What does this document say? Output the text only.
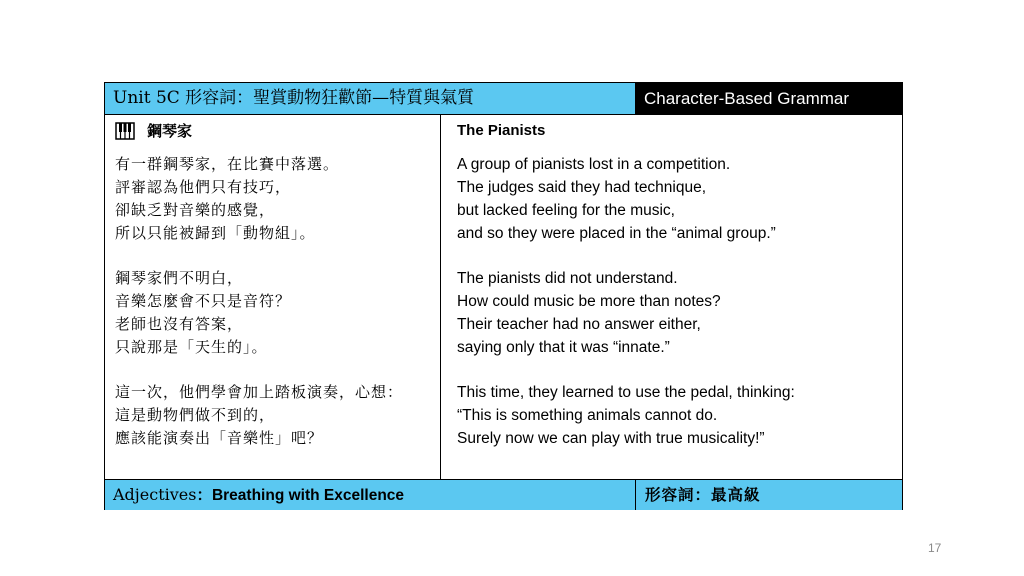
Unit 5C 形容詞：聖賞動物狂歡節—特質與氣質	Character-Based Grammar
鋼琴家
有一群鋼琴家，在比賽中落選。
評審認為他們只有技巧，
卻缺乏對音樂的感覺，
所以只能被歸到「動物組」。
鋼琴家們不明白，
音樂怎麼會不只是音符？
老師也沒有答案，
只說那是「天生的」。
這一次，他們學會加上踏板演奏，心想：
這是動物們做不到的，
應該能演奏出「音樂性」吧？
The Pianists
A group of pianists lost in a competition.
The judges said they had technique,
but lacked feeling for the music,
and so they were placed in the “animal group.”
The pianists did not understand.
How could music be more than notes?
Their teacher had no answer either,
saying only that it was “innate.”
This time, they learned to use the pedal, thinking:
“This is something animals cannot do.
Surely now we can play with true musicality!”
Adjectives：Breathing with Excellence	形容詞：最高級
17
